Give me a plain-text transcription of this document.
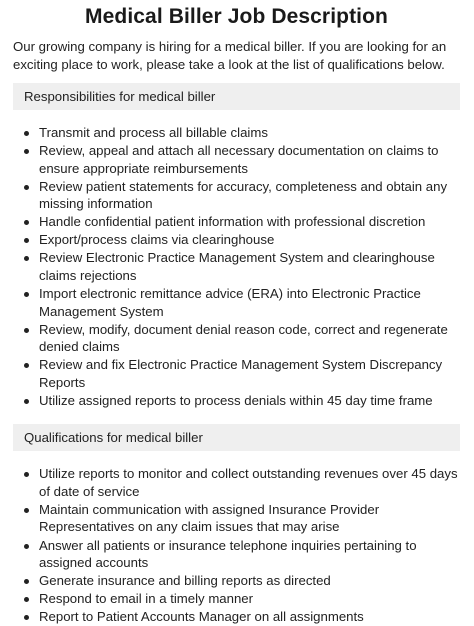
Medical Biller Job Description

Our growing company is hiring for a medical biller. If you are looking for an exciting place to work, please take a look at the list of qualifications below.

Responsibilities for medical biller
Transmit and process all billable claims
Review, appeal and attach all necessary documentation on claims to ensure appropriate reimbursements
Review patient statements for accuracy, completeness and obtain any missing information
Handle confidential patient information with professional discretion
Export/process claims via clearinghouse
Review Electronic Practice Management System and clearinghouse claims rejections
Import electronic remittance advice (ERA) into Electronic Practice Management System
Review, modify, document denial reason code, correct and regenerate denied claims
Review and fix Electronic Practice Management System Discrepancy Reports
Utilize assigned reports to process denials within 45 day time frame
Qualifications for medical biller
Utilize reports to monitor and collect outstanding revenues over 45 days of date of service
Maintain communication with assigned Insurance Provider Representatives on any claim issues that may arise
Answer all patients or insurance telephone inquiries pertaining to assigned accounts
Generate insurance and billing reports as directed
Respond to email in a timely manner
Report to Patient Accounts Manager on all assignments
